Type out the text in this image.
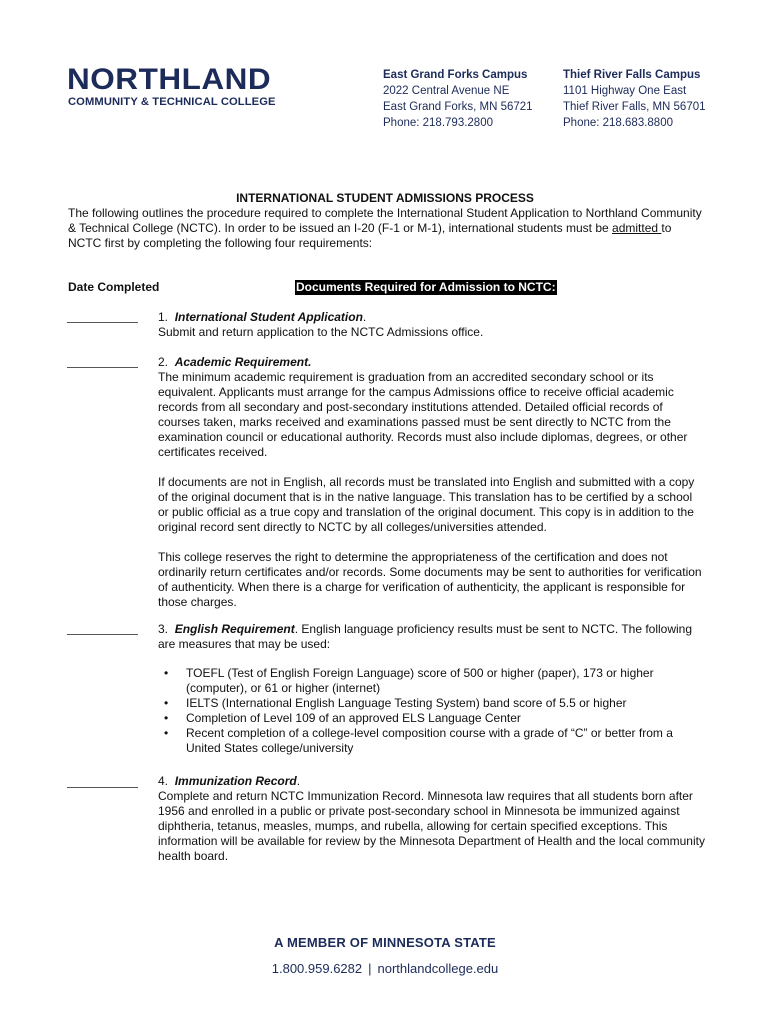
NORTHLAND
COMMUNITY & TECHNICAL COLLEGE
East Grand Forks Campus
2022 Central Avenue NE
East Grand Forks, MN 56721
Phone: 218.793.2800
Thief River Falls Campus
1101 Highway One East
Thief River Falls, MN 56701
Phone: 218.683.8800
INTERNATIONAL STUDENT ADMISSIONS PROCESS
The following outlines the procedure required to complete the International Student Application to Northland Community & Technical College (NCTC). In order to be issued an I-20 (F-1 or M-1), international students must be admitted to NCTC first by completing the following four requirements:
Date Completed	Documents Required for Admission to NCTC:

1. International Student Application.

Submit and return application to the NCTC Admissions office.

2. Academic Requirement.

The minimum academic requirement is graduation from an accredited secondary school or its equivalent. Applicants must arrange for the campus Admissions office to receive official academic records from all secondary and post-secondary institutions attended. Detailed official records of courses taken, marks received and examinations passed must be sent directly to NCTC from the examination council or educational authority. Records must also include diplomas, degrees, or other certificates received.

If documents are not in English, all records must be translated into English and submitted with a copy of the original document that is in the native language. This translation has to be certified by a school or public official as a true copy and translation of the original document. This copy is in addition to the original record sent directly to NCTC by all colleges/universities attended.

This college reserves the right to determine the appropriateness of the certification and does not ordinarily return certificates and/or records. Some documents may be sent to authorities for verification of authenticity. When there is a charge for verification of authenticity, the applicant is responsible for those charges.

3. English Requirement. English language proficiency results must be sent to NCTC. The following are measures that may be used:

• TOEFL (Test of English Foreign Language) score of 500 or higher (paper), 173 or higher (computer), or 61 or higher (internet)
• IELTS (International English Language Testing System) band score of 5.5 or higher
• Completion of Level 109 of an approved ELS Language Center
• Recent completion of a college-level composition course with a grade of “C” or better from a United States college/university

4. Immunization Record.

Complete and return NCTC Immunization Record. Minnesota law requires that all students born after 1956 and enrolled in a public or private post-secondary school in Minnesota be immunized against diphtheria, tetanus, measles, mumps, and rubella, allowing for certain specified exceptions. This information will be available for review by the Minnesota Department of Health and the local community health board.

A MEMBER OF MINNESOTA STATE
1.800.959.6282 | northlandcollege.edu
